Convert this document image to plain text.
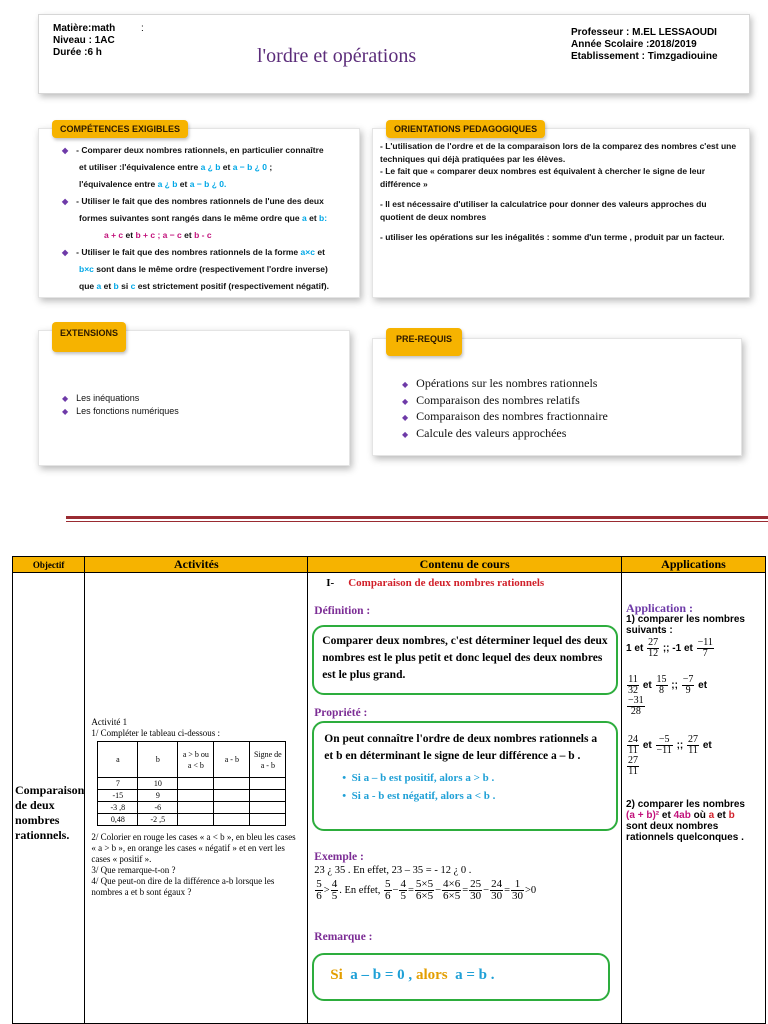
Matière:math
Niveau : 1AC
Durée :6 h
:
l'ordre et opérations
Professeur : M.EL LESSAOUDI
Année Scolaire :2018/2019
Etablissement : Timzgadiouine
COMPÉTENCES EXIGIBLES
◆ - Comparer deux nombres rationnels, en particulier connaître
et utiliser :l'équivalence entre a ¿ b et a − b ¿ 0 ;
l'équivalence entre a ¿ b et a − b ¿ 0.
◆ - Utiliser le fait que des nombres rationnels de l'une des deux
formes suivantes sont rangés dans le même ordre que a et b:
a + c et b + c ; a − c et b - c
◆ - Utiliser le fait que des nombres rationnels de la forme a×c et
b×c sont dans le même ordre (respectivement l'ordre inverse)
que a et b si c est strictement positif (respectivement négatif).
ORIENTATIONS PEDAGOGIQUES

- L'utilisation de l'ordre et de la comparaison lors de la comparez des nombres c'est une techniques qui déjà pratiquées par les élèves.

- Le fait que « comparer deux nombres est équivalent à chercher le signe de leur différence »

- Il est nécessaire d'utiliser la calculatrice pour donner des valeurs approches du quotient de deux nombres

- utiliser les opérations sur les inégalités : somme d'un terme , produit par un facteur.

EXTENSIONS
◆ Les inéquations
◆ Les fonctions numériques
PRE-REQUIS
◆ Opérations sur les nombres rationnels
◆ Comparaison des nombres relatifs
◆ Comparaison des nombres fractionnaire
◆ Calcule des valeurs approchées
Objectif	Activités	Contenu de cours	Applications

Comparaison de deux nombres rationnels.

Activité 1
1/ Compléter le tableau ci-dessous :
a	b	a > b ou a < b	a - b	Signe de a - b
7	10			
-15	9			
-3 ,8	-6			
0,48	-2 ,5			
2/ Colorier en rouge les cases « a < b », en bleu les cases « a > b », en orange les cases « négatif » et en vert les cases « positif ».
3/ Que remarque-t-on ?
4/ Que peut-on dire de la différence a-b lorsque les nombres a et b sont égaux ?

I- Comparaison de deux nombres rationnels
Définition :
Comparer deux nombres, c'est déterminer lequel des deux nombres est le plus petit et donc lequel des deux nombres est le plus grand.
Propriété :
On peut connaître l'ordre de deux nombres rationnels a et b en déterminant le signe de leur différence a – b .
•  Si a – b est positif, alors a > b .
•  Si a - b est négatif, alors a < b .
Exemple :
23 ¿ 35 . En effet, 23 – 35 = - 12 ¿ 0 .
$\frac{5}{6} > \frac{4}{5}$ . En effet, $\frac{5}{6} - \frac{4}{5} = \frac{5\times 5}{6\times 5} - \frac{4\times 6}{6\times 5} = \frac{25}{30} - \frac{24}{30} = \frac{1}{30} >0$
Remarque :
Si a – b = 0 , alors a = b .

Application :
1) comparer les nombres suivants :
1 et $\frac{27}{12}$ ;; -1 et $\frac{-11}{7}$
$\frac{11}{32}$ et $\frac{15}{8}$ ;; $\frac{-7}{9}$ et

$\frac{-31}{28}$
$\frac{24}{11}$ et $\frac{-5}{-11}$ ;; $\frac{27}{11}$ et

$\frac{27}{11}$
2) comparer les nombres (a + b)² et 4ab où a et b sont deux nombres rationnels quelconques .
